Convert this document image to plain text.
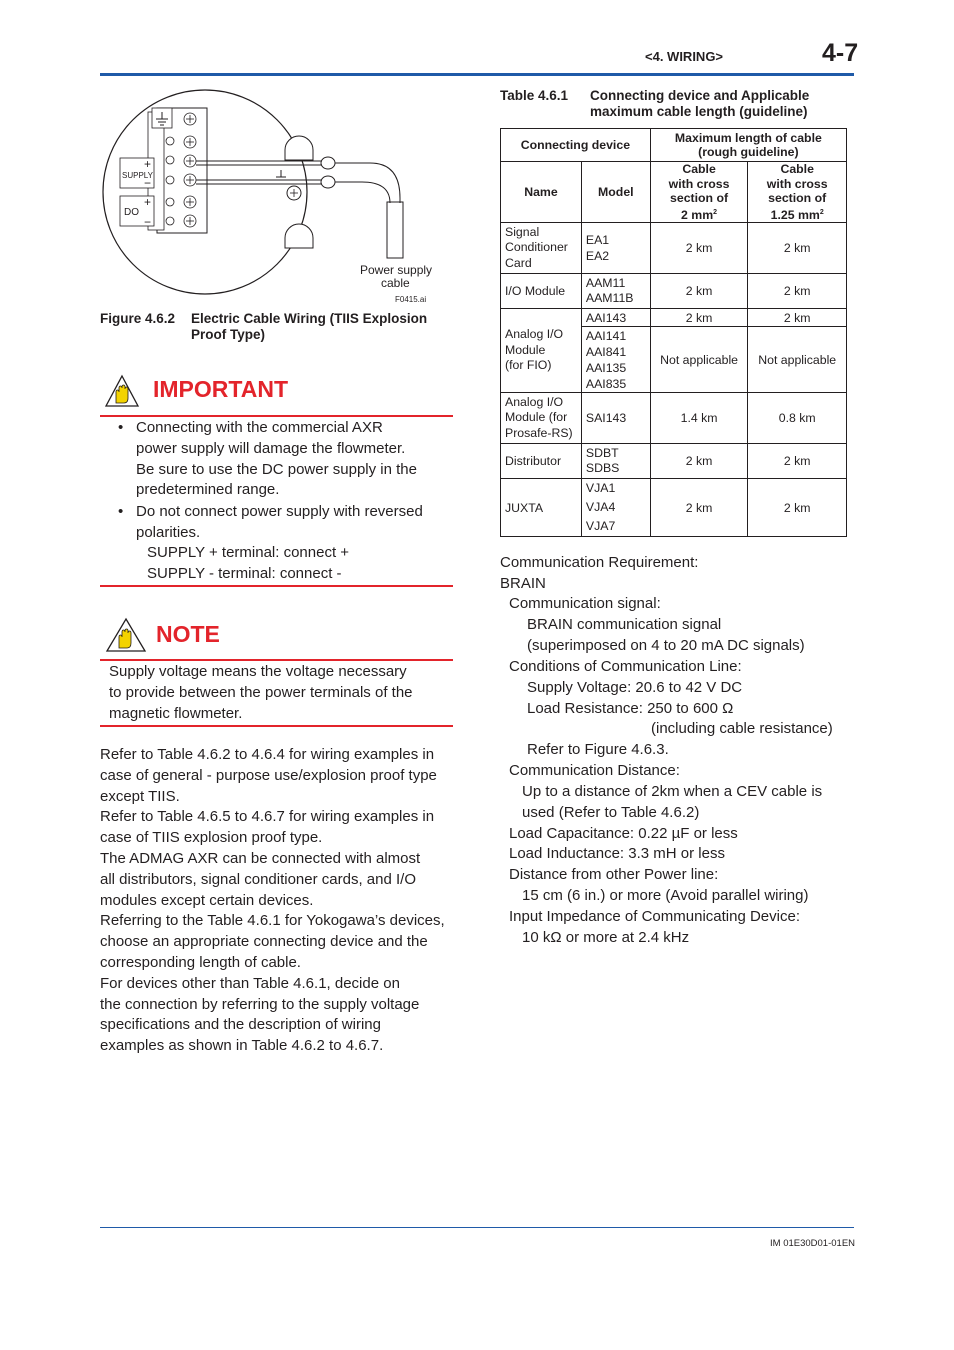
<4. WIRING>	4-7
SUPPLY
+
−
DO
+
−
Power supply cable
F0415.ai
Figure 4.6.2 Electric Cable Wiring (TIIS Explosion
Proof Type)
IMPORTANT
• Connecting with the commercial AXR
power supply will damage the flowmeter.
Be sure to use the DC power supply in the
predetermined range.
• Do not connect power supply with reversed
polarities.
SUPPLY + terminal: connect +
SUPPLY - terminal: connect -
NOTE
Supply voltage means the voltage necessary
to provide between the power terminals of the
magnetic flowmeter.
Refer to Table 4.6.2 to 4.6.4 for wiring examples in
case of general - purpose use/explosion proof type
except TIIS.
Refer to Table 4.6.5 to 4.6.7 for wiring examples in
case of TIIS explosion proof type.
The ADMAG AXR can be connected with almost
all distributors, signal conditioner cards, and I/O
modules except certain devices.
Referring to the Table 4.6.1 for Yokogawa’s devices,
choose an appropriate connecting device and the
corresponding length of cable.
For devices other than Table 4.6.1, decide on
the connection by referring to the supply voltage
specifications and the description of wiring
examples as shown in Table 4.6.2 to 4.6.7.
Table 4.6.1 Connecting device and Applicable
maximum cable length (guideline)
Connecting device		Maximum length of cable
(rough guideline)	
Name	Model	Cable
with cross
section of
2 $mm^2$	Cable
with cross
section of
1.25 $mm^2$
Signal
Conditioner
Card	EA1
EA2	2 km	2 km
I/O Module	AAM11
AAM11B	2 km	2 km
Analog I/O
Module
(for FIO)	AAI143	2 km	2 km
	AAI141
AAI841
AAI135
AAI835	Not applicable	Not applicable
Analog I/O
Module (for
Prosafe-RS)	SAI143	1.4 km	0.8 km
Distributor	SDBT
SDBS	2 km	2 km
JUXTA	VJA1
VJA4
VJA7	2 km	2 km
Communication Requirement:
BRAIN
Communication signal:
BRAIN communication signal
(superimposed on 4 to 20 mA DC signals)
Conditions of Communication Line:
Supply Voltage: 20.6 to 42 V DC
Load Resistance: 250 to 600 Ω
(including cable resistance)
Refer to Figure 4.6.3.
Communication Distance:
Up to a distance of 2km when a CEV cable is
used (Refer to Table 4.6.2)
Load Capacitance: 0.22 µF or less
Load Inductance: 3.3 mH or less
Distance from other Power line:
15 cm (6 in.) or more (Avoid parallel wiring)
Input Impedance of Communicating Device:
10 kΩ or more at 2.4 kHz
IM 01E30D01-01EN
